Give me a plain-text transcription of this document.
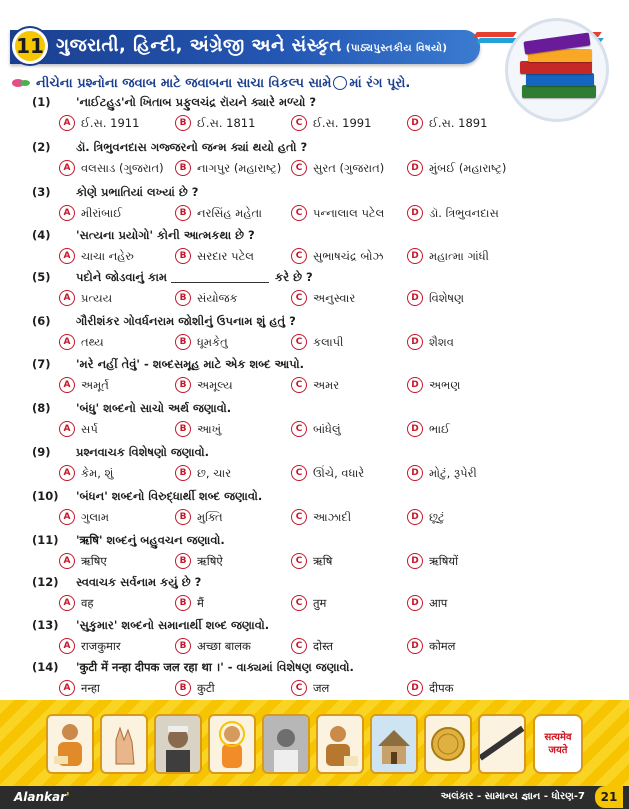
11 ગુજરાતી, હિન્દી, અંગ્રેજી અને સંસ્કૃત (પાઠ્યપુસ્તકીય વિષયો)
નીચેના પ્રશ્નોના જવાબ માટે જવાબના સાચા વિકલ્પ સામે માં રંગ પૂરો.
(1)	'નાઈટહુડ'નો ખિતાબ પ્રફુલચંદ્ર રૉયને ક્યારે મળ્યો ?
A ઈ.સ. 1911	B ઈ.સ. 1811	C ઈ.સ. 1991	D ઈ.સ. 1891
(2)	ડૉ. ત્રિભુવનદાસ ગજ્જરનો જન્મ ક્યાં થયો હતો ?
A વલસાડ (ગુજરાત)	B નાગપુર (મહારાષ્ટ્ર)	C સુરત (ગુજરાત)	D મુંબઈ (મહારાષ્ટ્ર)
(3)	કોણે પ્રભાતિયાં લખ્યાં છે ?
A મીરાંબાઈ	B નરસિંહ મહેતા	C પન્નાલાલ પટેલ	D ડૉ. ત્રિભુવનદાસ
(4)	'સત્યના પ્રયોગો' કોની આત્મકથા છે ?
A ચાચા નહેરુ	B સરદાર પટેલ	C સુભાષચંદ્ર બોઝ	D મહાત્મા ગાંધી
(5)	પદોને જોડવાનું કામ	કરે છે ?
A પ્રત્યય	B સંયોજક	C અનુસ્વાર	D વિશેષણ
(6)	ગૌરીશંકર ગોવર્ધનરામ જોશીનું ઉપનામ શું હતું ?
A તથ્ય	B ધૂમકેતુ	C કલાપી	D શૈશવ
(7)	'મરે નહીં તેવું' - શબ્દસમૂહ માટે એક શબ્દ આપો.
A અમૂર્ત	B અમૂલ્ય	C અમર	D અભણ
(8)	'બંધુ' શબ્દનો સાચો અર્થ જણાવો.
A સર્પ	B આખું	C બાંધેલું	D ભાઈ
(9)	પ્રશ્નવાચક વિશેષણો જણાવો.
A કેમ, શું	B છ, ચાર	C ઊંચે, વધારે	D મોટું, રૂપેરી
(10)	'બંધન' શબ્દનો વિરુદ્ધાર્થી શબ્દ જણાવો.
A ગુલામ	B મુક્તિ	C આઝાદી	D છૂટું
(11)	'ऋषि' શબ્દનું બહુવચન જણાવો.
A ऋषिए	B ऋषिऐ	C ऋषि	D ऋषियों
(12)	સ્વવાચક સર્વનામ કયું છે ?
A वह	B मैं	C तुम	D आप
(13)	'સુકુમાર' શબ્દનો સમાનાર્થી શબ્દ જણાવો.
A राजकुमार	B अच्छा बालक	C दोस्त	D कोमल
(14)	'कुटी में नन्हा दीपक जल रहा था ।' - વાક્યમાં વિશેષણ જણાવો.
A नन्हा	B कुटी	C जल	D दीपक
सत्यमेव
जयते
Alankar'	અલંકાર - સામાન્ય જ્ઞાન - ધોરણ-7	21
